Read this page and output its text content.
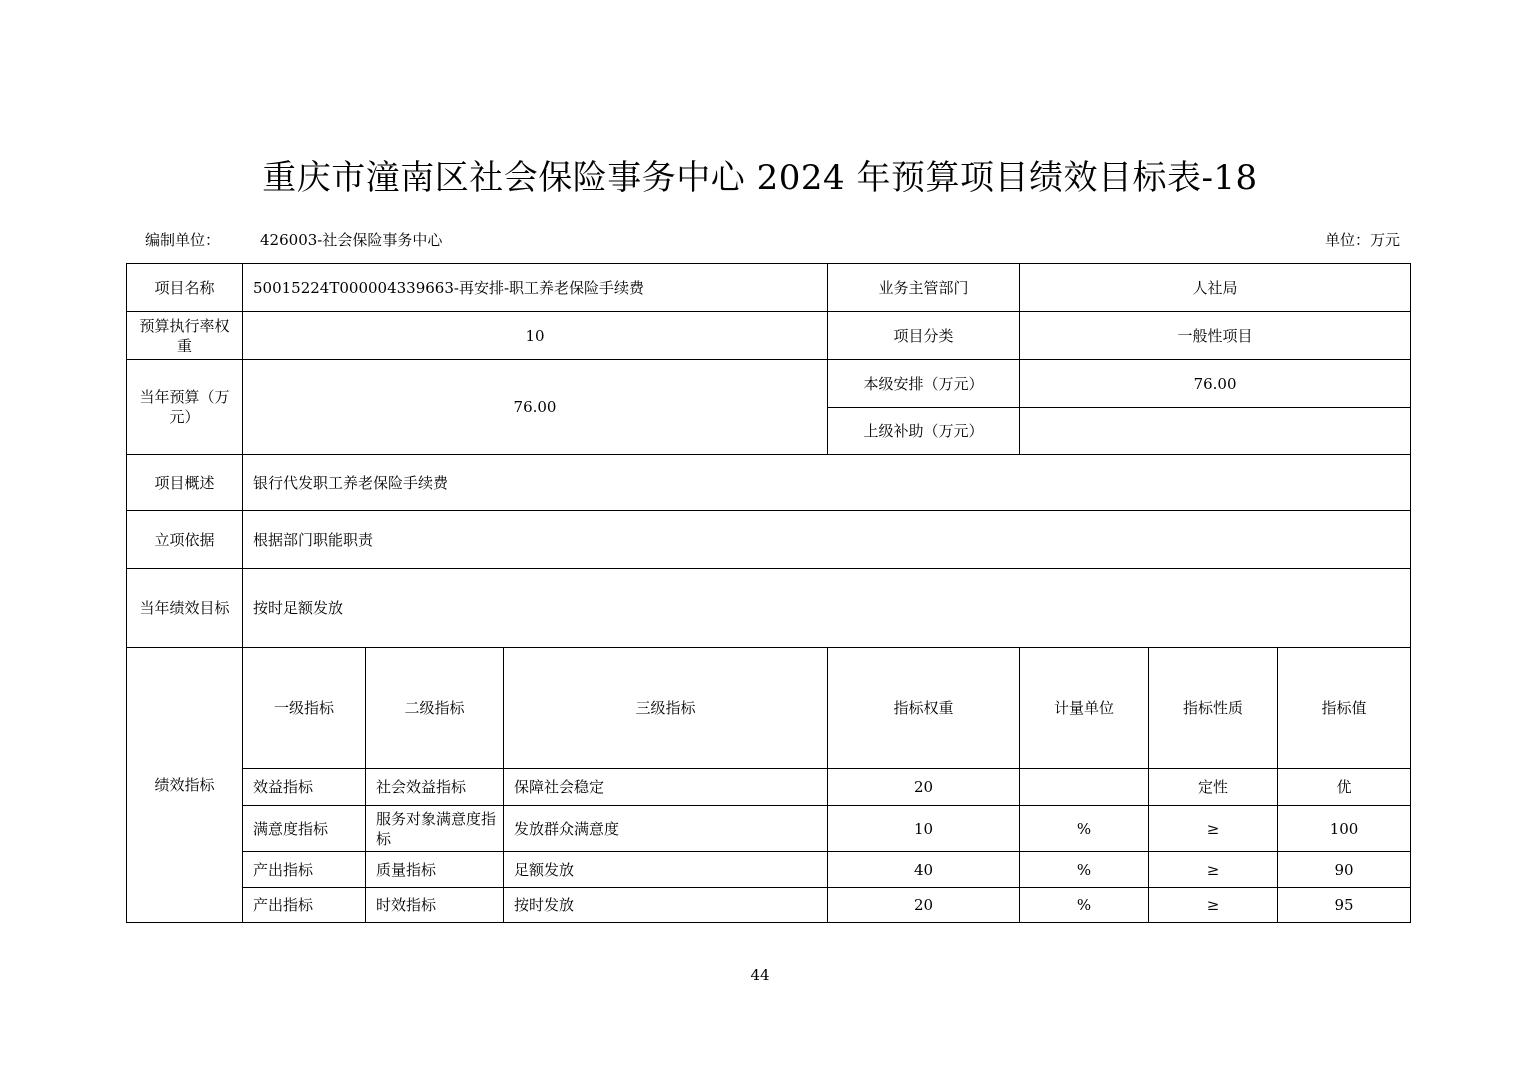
重庆市潼南区社会保险事务中心 2024 年预算项目绩效目标表-18
编制单位：	426003-社会保险事务中心	单位：万元
项目名称	50015224T000004339663-再安排-职工养老保险手续费			业务主管部门	人社局			
预算执行率权重	10			项目分类	一般性项目			
当年预算（万元）	76.00			本级安排（万元）	76.00			
				上级补助（万元）				
项目概述	银行代发职工养老保险手续费							
立项依据	根据部门职能职责							
当年绩效目标	按时足额发放							
绩效指标	一级指标	二级指标	三级指标	指标权重	计量单位	指标性质	指标值	
	效益指标	社会效益指标	保障社会稳定	20		定性	优	
	满意度指标	服务对象满意度指标	发放群众满意度	10	%	≥	100	
	产出指标	质量指标	足额发放	40	%	≥	90	
	产出指标	时效指标	按时发放	20	%	≥	95	
44
